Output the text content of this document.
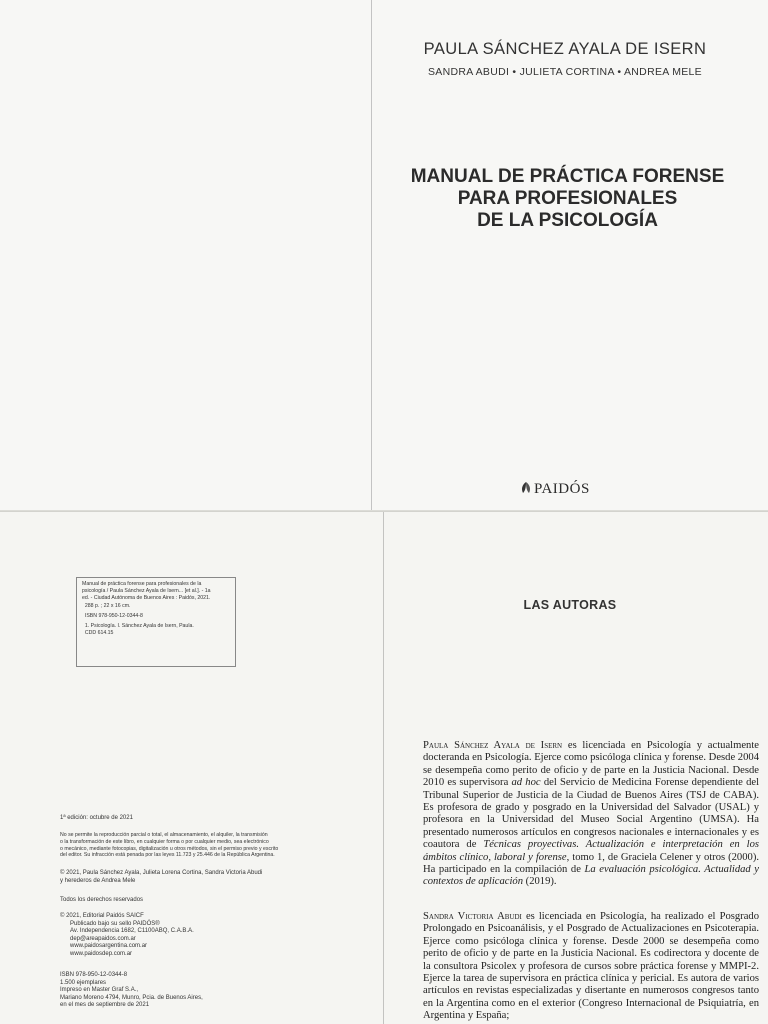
PAULA SÁNCHEZ AYALA DE ISERN
SANDRA ABUDI • JULIETA CORTINA • ANDREA MELE
MANUAL DE PRÁCTICA FORENSE
PARA PROFESIONALES
DE LA PSICOLOGÍA
PAIDÓS

Manual de práctica forense para profesionales de la
psicología / Paula Sánchez Ayala de Isern... [et al.]. - 1a
ed. - Ciudad Autónoma de Buenos Aires : Paidós, 2021.
288 p. ; 22 x 16 cm.

ISBN 978-950-12-0344-8

1. Psicología. I. Sánchez Ayala de Isern, Paula.
CDD 614.15

1ª edición: octubre de 2021

No se permite la reproducción parcial o total, el almacenamiento, el alquiler, la transmisión

o la transformación de este libro, en cualquier forma o por cualquier medio, sea electrónico

o mecánico, mediante fotocopias, digitalización u otros métodos, sin el permiso previo y escrito

del editor. Su infracción está penada por las leyes 11.723 y 25.446 de la República Argentina.

© 2021, Paula Sánchez Ayala, Julieta Lorena Cortina, Sandra Victoria Abudi

y herederos de Andrea Mele

Todos los derechos reservados

© 2021, Editorial Paidós SAICF

Publicado bajo su sello PAIDÓS®

Av. Independencia 1682, C1100ABQ, C.A.B.A.

dep@areapaidos.com.ar

www.paidosargentina.com.ar

www.paidosdep.com.ar

ISBN 978-950-12-0344-8

1.500 ejemplares

Impreso en Master Graf S.A.,

Mariano Moreno 4794, Munro, Pcia. de Buenos Aires,

en el mes de septiembre de 2021

LAS AUTORAS

Paula Sánchez Ayala de Isern es licenciada en Psicología y actualmente docteranda en Psicología. Ejerce como psicóloga clínica y forense. Desde 2004 se desempeña como perito de oficio y de parte en la Justicia Nacional. Desde 2010 es supervisora ad hoc del Servicio de Medicina Forense dependiente del Tribunal Superior de Justicia de la Ciudad de Buenos Aires (TSJ de CABA). Es profesora de grado y posgrado en la Universidad del Salvador (USAL) y profesora en la Universidad del Museo Social Argentino (UMSA). Ha presentado numerosos artículos en congresos nacionales e internacionales y es coautora de Técnicas proyectivas. Actualización e interpretación en los ámbitos clínico, laboral y forense, tomo 1, de Graciela Celener y otros (2000). Ha participado en la compilación de La evaluación psicológica. Actualidad y contextos de aplicación (2019).

Sandra Victoria Abudi es licenciada en Psicología, ha realizado el Posgrado Prolongado en Psicoanálisis, y el Posgrado de Actualizaciones en Psicoterapia. Ejerce como psicóloga clínica y forense. Desde 2000 se desempeña como perito de oficio y de parte en la Justicia Nacional. Es codirectora y docente de la consultora Psicolex y profesora de cursos sobre práctica forense y MMPI-2. Ejerce la tarea de supervisora en práctica clínica y pericial. Es autora de varios artículos en revistas especializadas y disertante en numerosos congresos tanto en la Argentina como en el exterior (Congreso Internacional de Psiquiatría, en Argentina y España;
